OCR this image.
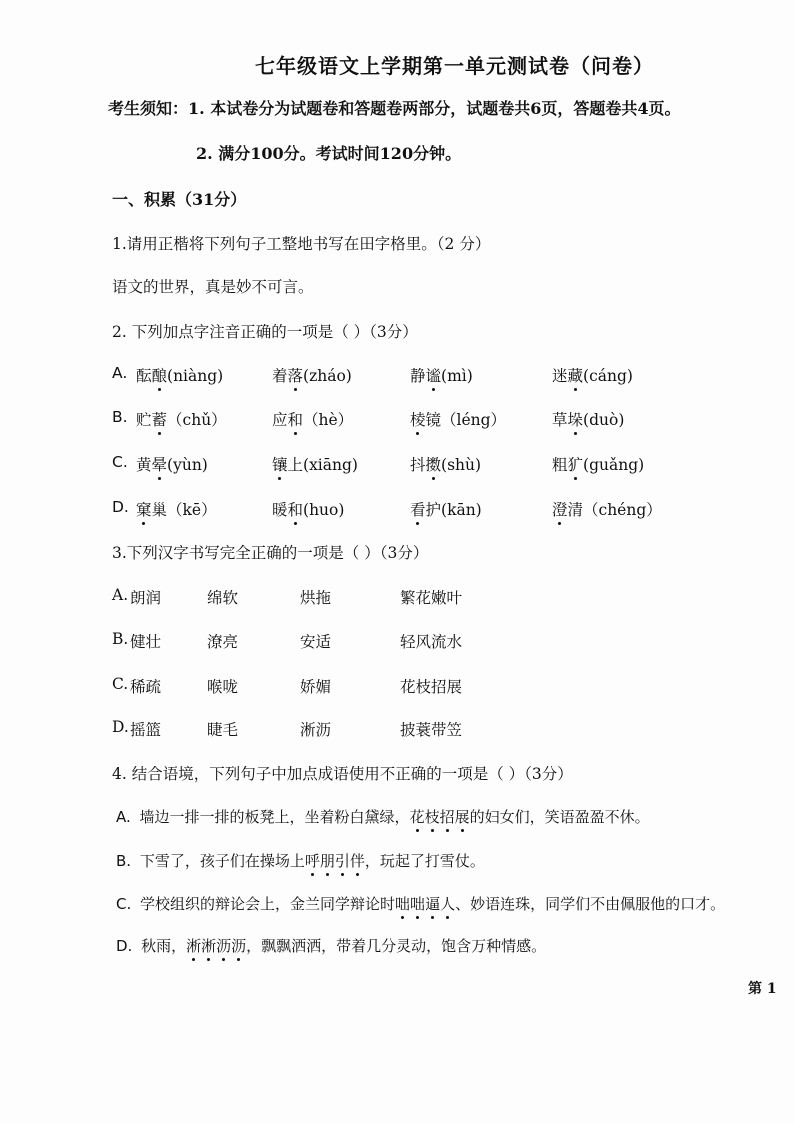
七年级语文上学期第一单元测试卷（问卷）
考生须知：1. 本试卷分为试题卷和答题卷两部分，试题卷共6页，答题卷共4页。
2. 满分100分。考试时间120分钟。
一、积累（31分）
1.请用正楷将下列句子工整地书写在田字格里。（2 分）
语文的世界，真是妙不可言。
2. 下列加点字注音正确的一项是（ ）（3分）
A. 酝酿(niàng)	着落(zháo)	静谧(mì)	迷藏(cáng)
B. 贮蓄（chǔ）	应和（hè）	棱镜（léng）	草垛(duò)
C. 黄晕(yùn)	镶上(xiāng)	抖擞(shù)	粗犷(guǎng)
D. 窠巢（kē）	暖和(huo)	看护(kān)	澄清（chéng）
3.下列汉字书写完全正确的一项是（ ）（3分）
A. 朗润	绵软	烘拖	繁花嫩叶
B. 健壮	潦亮	安适	轻风流水
C. 稀疏	喉咙	娇媚	花枝招展
D. 摇篮	睫毛	淅沥	披蓑带笠
4. 结合语境，下列句子中加点成语使用不正确的一项是（ ）（3分）
A. 墙边一排一排的板凳上，坐着粉白黛绿，花枝招展的妇女们，笑语盈盈不休。
B. 下雪了，孩子们在操场上呼朋引伴，玩起了打雪仗。
C. 学校组织的辩论会上，金兰同学辩论时咄咄逼人、妙语连珠，同学们不由佩服他的口才。
D. 秋雨，淅淅沥沥，飘飘洒洒，带着几分灵动，饱含万种情感。
第 1
